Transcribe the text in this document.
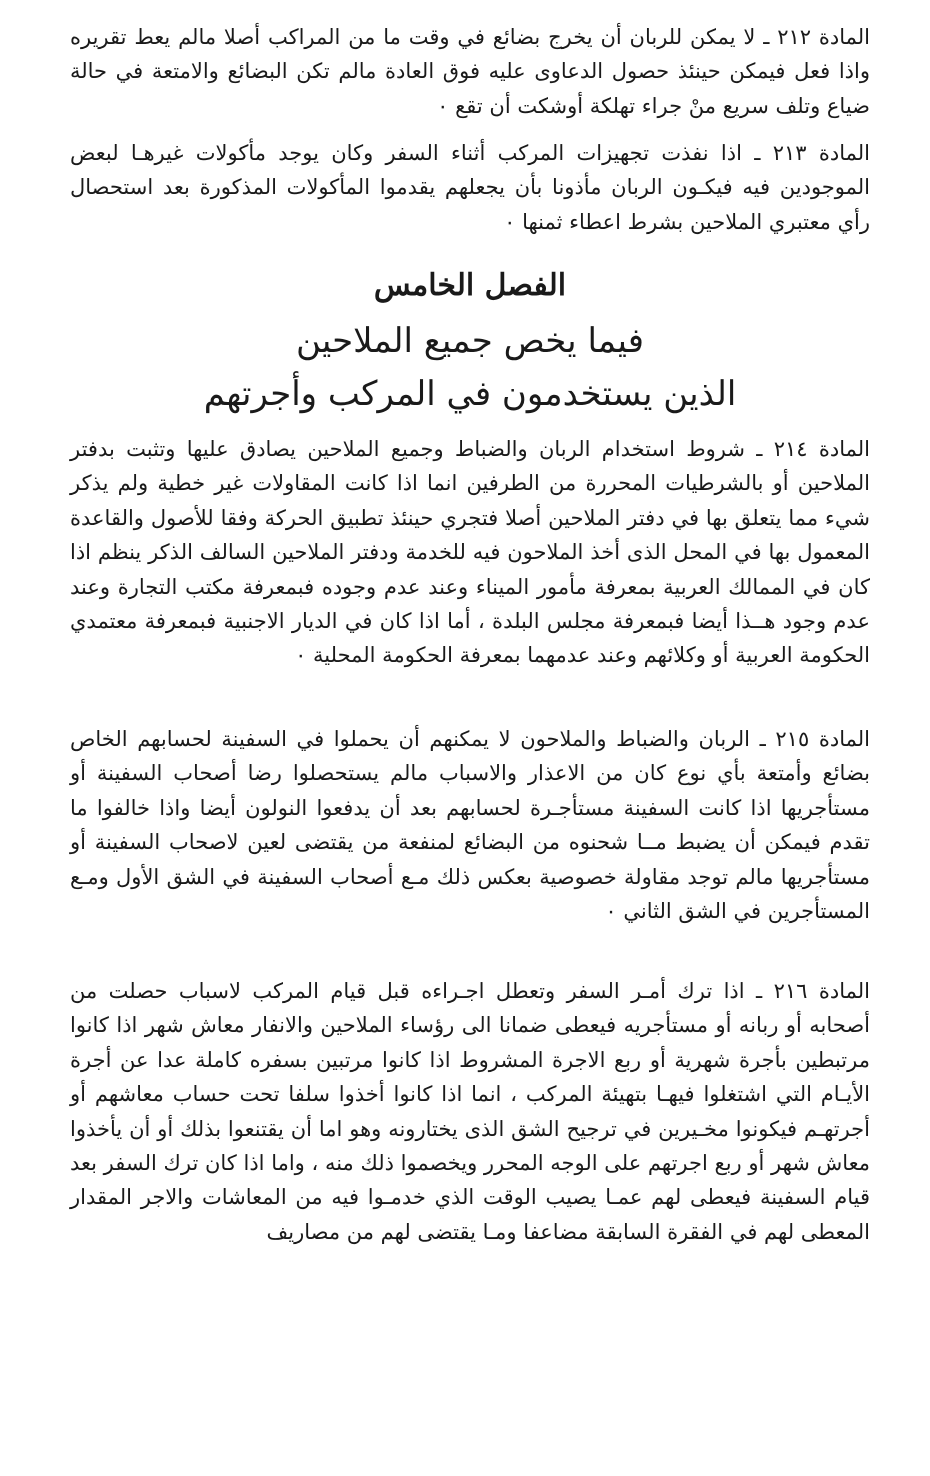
المادة ٢١٢ ـ لا يمكن للربان أن يخرج بضائع في وقت ما من المراكب أصلا مالم يعط تقريره واذا فعل فيمكن حينئذ حصول الدعاوى عليه فوق العادة مالم تكن البضائع والامتعة في حالة ضياع وتلف سريع منْ جراء تهلكة أوشكت أن تقع ٠

المادة ٢١٣ ـ اذا نفذت تجهيزات المركب أثناء السفر وكان يوجد مأكولات غيرهـا لبعض الموجودين فيه فيكـون الربان مأذونا بأن يجعلهم يقدموا المأكولات المذكورة بعد استحصال رأي معتبري الملاحين بشرط اعطاء ثمنها ٠

الفصل الخامس
فيما يخص جميع الملاحين
الذين يستخدمون في المركب وأجرتهم

المادة ٢١٤ ـ شروط استخدام الربان والضباط وجميع الملاحين يصادق عليها وتثبت بدفتر الملاحين أو بالشرطيات المحررة من الطرفين انما اذا كانت المقاولات غير خطية ولم يذكر شيء مما يتعلق بها في دفتر الملاحين أصلا فتجري حينئذ تطبيق الحركة وفقا للأصول والقاعدة المعمول بها في المحل الذى أخذ الملاحون فيه للخدمة ودفتر الملاحين السالف الذكر ينظم اذا كان في الممالك العربية بمعرفة مأمور الميناء وعند عدم وجوده فبمعرفة مكتب التجارة وعند عدم وجود هــذا أيضا فبمعرفة مجلس البلدة ، أما اذا كان في الديار الاجنبية فبمعرفة معتمدي الحكومة العربية أو وكلائهم وعند عدمهما بمعرفة الحكومة المحلية ٠

المادة ٢١٥ ـ الربان والضباط والملاحون لا يمكنهم أن يحملوا في السفينة لحسابهم الخاص بضائع وأمتعة بأي نوع كان من الاعذار والاسباب مالم يستحصلوا رضا أصحاب السفينة أو مستأجريها اذا كانت السفينة مستأجـرة لحسابهم بعد أن يدفعوا النولون أيضا واذا خالفوا ما تقدم فيمكن أن يضبط مــا شحنوه من البضائع لمنفعة من يقتضى لعين لاصحاب السفينة أو مستأجريها مالم توجد مقاولة خصوصية بعكس ذلك مـع أصحاب السفينة في الشق الأول ومـع المستأجرين في الشق الثاني ٠

المادة ٢١٦ ـ اذا ترك أمـر السفر وتعطل اجـراءه قبل قيام المركب لاسباب حصلت من أصحابه أو ربانه أو مستأجريه فيعطى ضمانا الى رؤساء الملاحين والانفار معاش شهر اذا كانوا مرتبطين بأجرة شهرية أو ربع الاجرة المشروط اذا كانوا مرتبين بسفره كاملة عدا عن أجرة الأيـام التي اشتغلوا فيهـا بتهيئة المركب ، انما اذا كانوا أخذوا سلفا تحت حساب معاشهم أو أجرتهـم فيكونوا مخـيرين في ترجيح الشق الذى يختارونه وهو اما أن يقتنعوا بذلك أو أن يأخذوا معاش شهر أو ربع اجرتهم على الوجه المحرر ويخصموا ذلك منه ، واما اذا كان ترك السفر بعد قيام السفينة فيعطى لهم عمـا يصيب الوقت الذي خدمـوا فيه من المعاشات والاجر المقدار المعطى لهم في الفقرة السابقة مضاعفا ومـا يقتضى لهم من مصاريف
